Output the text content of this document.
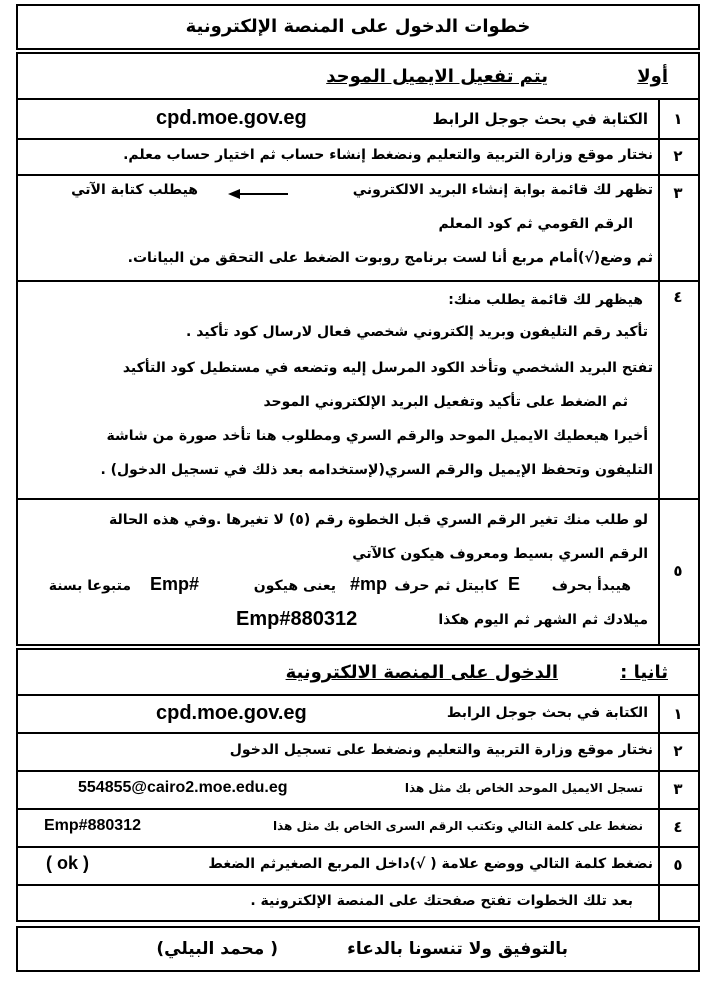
خطوات الدخول على المنصة الإلكترونية
أولا
يتم تفعيل الايميل الموحد
١
الكتابة في بحث جوجل الرابط
cpd.moe.gov.eg
٢
نختار موقع وزارة التربية والتعليم ونضغط إنشاء حساب ثم اختيار حساب معلم.
٣
تظهر لك قائمة بوابة إنشاء البريد الالكتروني
هيطلب كتابة الآتي
الرقم القومي ثم كود المعلم
ثم وضع(√)أمام مربع أنا لست برنامج روبوت الضغط على التحقق من البيانات.
٤
هيظهر لك قائمة يطلب منك:
تأكيد رقم التليفون وبريد إلكتروني شخصي فعال لارسال كود تأكيد .
تفتح البريد الشخصي وتأخد الكود المرسل إليه وتضعه في مستطيل كود التأكيد
ثم الضغط على تأكيد وتفعيل البريد الإلكتروني الموحد
أخيرا هيعطيك الايميل الموحد والرقم السري ومطلوب هنا تأخد صورة من شاشة
التليفون وتحفظ الإيميل والرقم السري(لإستخدامه بعد ذلك في تسجيل الدخول) .
٥
لو طلب منك تغير الرقم السري قبل الخطوة رقم (٥) لا تغيرها .وفي هذه الحالة
الرقم السري بسيط ومعروف هيكون كالآتي
هيبدأ بحرف
E
كابيتل ثم حرف
#mp
يعنى هيكون
Emp#
متبوعا بسنة
ميلادك ثم الشهر ثم اليوم هكذا
Emp#880312
ثانيا :
الدخول على المنصة الالكترونية
١
الكتابة في بحث جوجل الرابط
cpd.moe.gov.eg
٢
نختار موقع وزارة التربية والتعليم ونضغط على تسجيل الدخول
٣
تسجل الايميل الموحد الخاص بك مثل هذا
554855@cairo2.moe.edu.eg
٤
نضغط على كلمة التالي وتكتب الرقم السرى الخاص بك مثل هذا
Emp#880312
٥
نضغط كلمة التالي ووضع علامة ( √)داخل المربع الصغيرثم الضغط
( ok )
بعد تلك الخطوات تفتح صفحتك على المنصة الإلكترونية .
بالتوفيق ولا تنسونا بالدعاء
( محمد البيلي)
